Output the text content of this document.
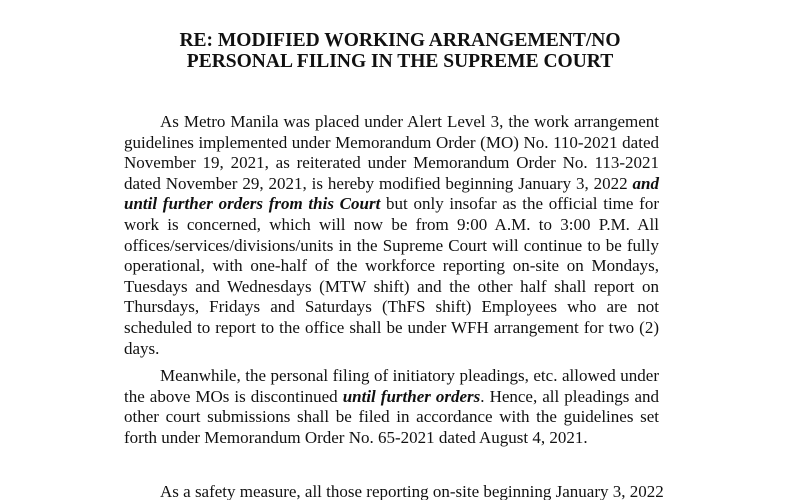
RE: MODIFIED WORKING ARRANGEMENT/NO
PERSONAL FILING IN THE SUPREME COURT
As Metro Manila was placed under Alert Level 3, the work arrangement
guidelines implemented under Memorandum Order (MO) No. 110-2021 dated
November 19, 2021, as reiterated under Memorandum Order No. 113-2021
dated November 29, 2021, is hereby modified beginning January 3, 2022 and
until further orders from this Court but only insofar as the official time for
work is concerned, which will now be from 9:00 A.M. to 3:00 P.M. All
offices/services/divisions/units in the Supreme Court will continue to be fully
operational, with one-half of the workforce reporting on-site on Mondays,
Tuesdays and Wednesdays (MTW shift) and the other half shall report on
Thursdays, Fridays and Saturdays (ThFS shift) Employees who are not
scheduled to report to the office shall be under WFH arrangement for two (2)
days.
Meanwhile, the personal filing of initiatory pleadings, etc. allowed under
the above MOs is discontinued until further orders. Hence, all pleadings and
other court submissions shall be filed in accordance with the guidelines set
forth under Memorandum Order No. 65-2021 dated August 4, 2021.
As a safety measure, all those reporting on-site beginning January 3, 2022
